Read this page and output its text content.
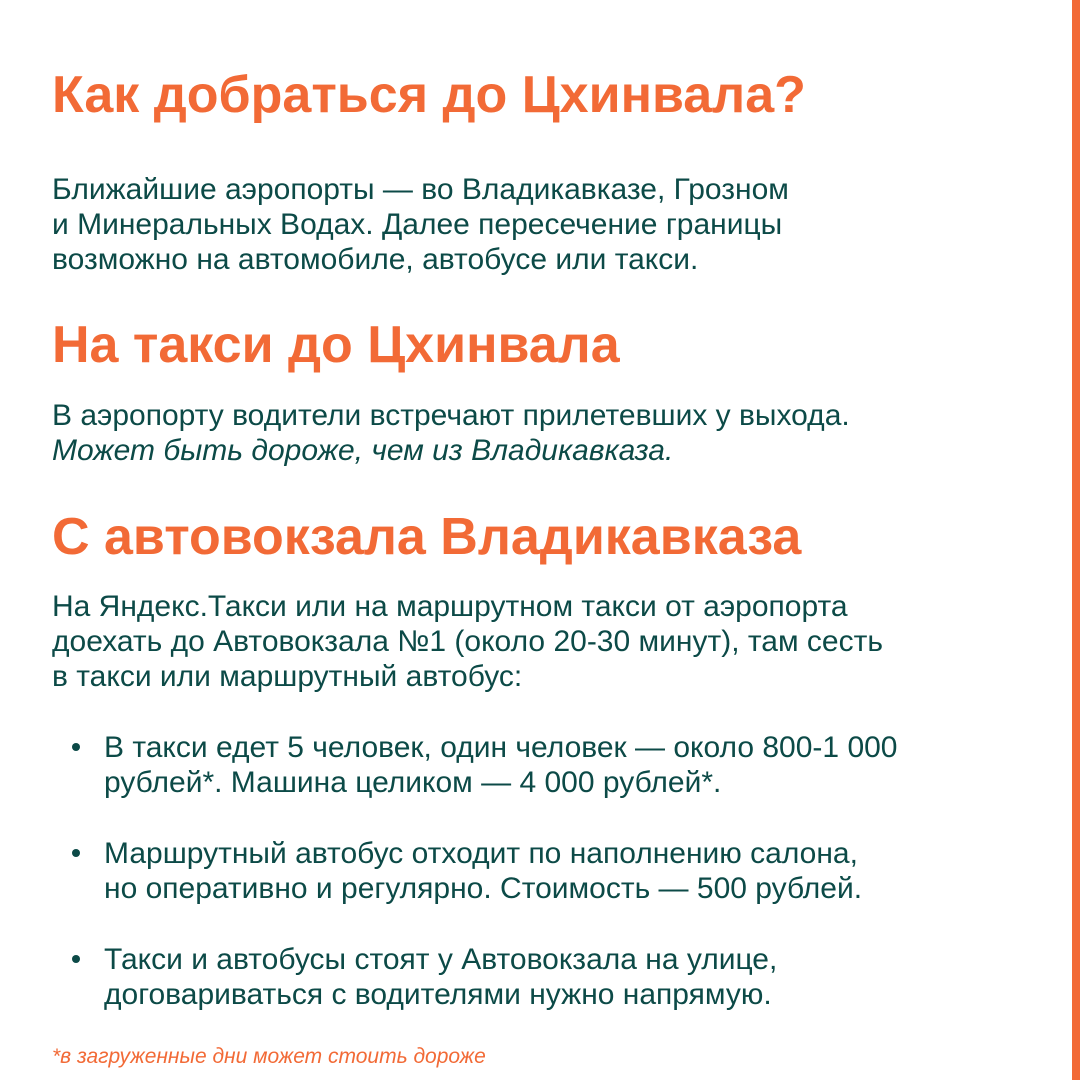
Как добраться до Цхинвала?

Ближайшие аэропорты — во Владикавказе, Грозном
и Минеральных Водах. Далее пересечение границы
возможно на автомобиле, автобусе или такси.

На такси до Цхинвала

В аэропорту водители встречают прилетевших у выхода.
Может быть дороже, чем из Владикавказа.

С автовокзала Владикавказа

На Яндекс.Такси или на маршрутном такси от аэропорта
доехать до Автовокзала №1 (около 20-30 минут), там сесть
в такси или маршрутный автобус:

В такси едет 5 человек, один человек — около 800-1 000
рублей*. Машина целиком — 4 000 рублей*.
Маршрутный автобус отходит по наполнению салона,
но оперативно и регулярно. Стоимость — 500 рублей.
Такси и автобусы стоят у Автовокзала на улице,
договариваться с водителями нужно напрямую.

*в загруженные дни может стоить дороже
